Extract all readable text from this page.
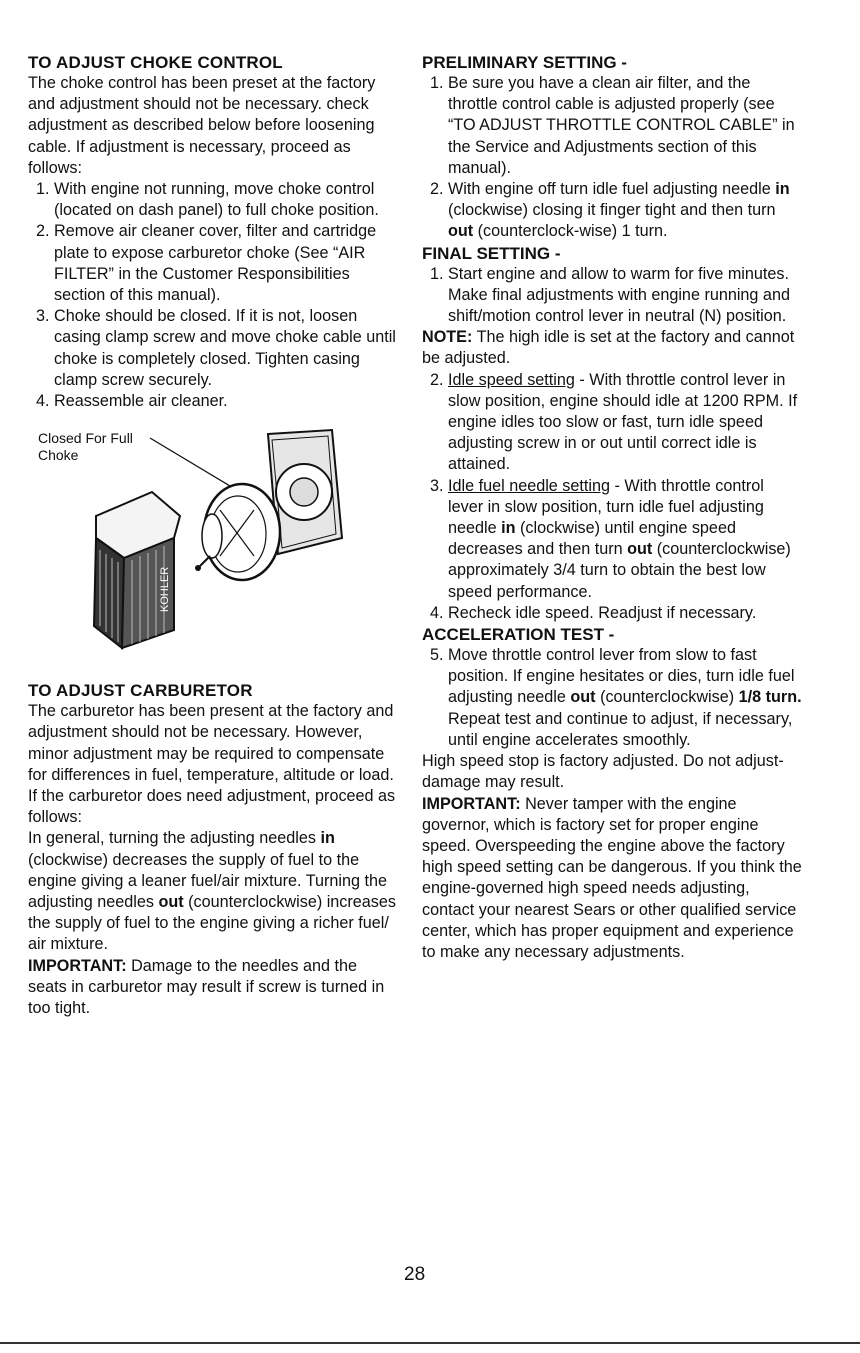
TO ADJUST CHOKE CONTROL

The choke control has been preset at the factory and adjustment should not be necessary. check adjustment as described below before loosening cable. If adjustment is necessary, proceed as follows:

1. With engine not running, move choke control (located on dash panel) to full choke position.
2. Remove air cleaner cover, filter and cartridge plate to expose carburetor choke (See “AIR FILTER” in the Customer Responsibilities section of this manual).
3. Choke should be closed. If it is not, loosen casing clamp screw and move choke cable until choke is completely closed. Tighten casing clamp screw securely.
4. Reassemble air cleaner.
Closed For Full
Choke
KOHLER
TO ADJUST CARBURETOR

The carburetor has been present at the factory and adjustment should not be necessary. However, minor adjustment may be required to compensate for differences in fuel, temperature, altitude or load. If the carburetor does need adjustment, proceed as follows:

In general, turning the adjusting needles in (clockwise) decreases the supply of fuel to the engine giving a leaner fuel/air mixture. Turning the adjusting needles out (counterclockwise) increases the supply of fuel to the engine giving a richer fuel/ air mixture.

IMPORTANT: Damage to the needles and the seats in carburetor may result if screw is turned in too tight.

PRELIMINARY SETTING -
1. Be sure you have a clean air filter, and the throttle control cable is adjusted properly (see “TO ADJUST THROTTLE CONTROL CABLE” in the Service and Adjustments section of this manual).
2. With engine off turn idle fuel adjusting needle in (clockwise) closing it finger tight and then turn out (counterclock-wise) 1 turn.
FINAL SETTING -
1. Start engine and allow to warm for five minutes. Make final adjustments with engine running and shift/motion control lever in neutral (N) position.

NOTE: The high idle is set at the factory and cannot be adjusted.

2. Idle speed setting - With throttle control lever in slow position, engine should idle at 1200 RPM. If engine idles too slow or fast, turn idle speed adjusting screw in or out until correct idle is attained.
3. Idle fuel needle setting - With throttle control lever in slow position, turn idle fuel adjusting needle in (clockwise) until engine speed decreases and then turn out (counterclockwise) approximately 3/4 turn to obtain the best low speed performance.
4. Recheck idle speed. Readjust if necessary.
ACCELERATION TEST -
5. Move throttle control lever from slow to fast position. If engine hesitates or dies, turn idle fuel adjusting needle out (counterclockwise) 1/8 turn. Repeat test and continue to adjust, if necessary, until engine accelerates smoothly.

High speed stop is factory adjusted. Do not adjust-damage may result.

IMPORTANT: Never tamper with the engine governor, which is factory set for proper engine speed. Overspeeding the engine above the factory high speed setting can be dangerous. If you think the engine-governed high speed needs adjusting, contact your nearest Sears or other qualified service center, which has proper equipment and experience to make any necessary adjustments.

28
